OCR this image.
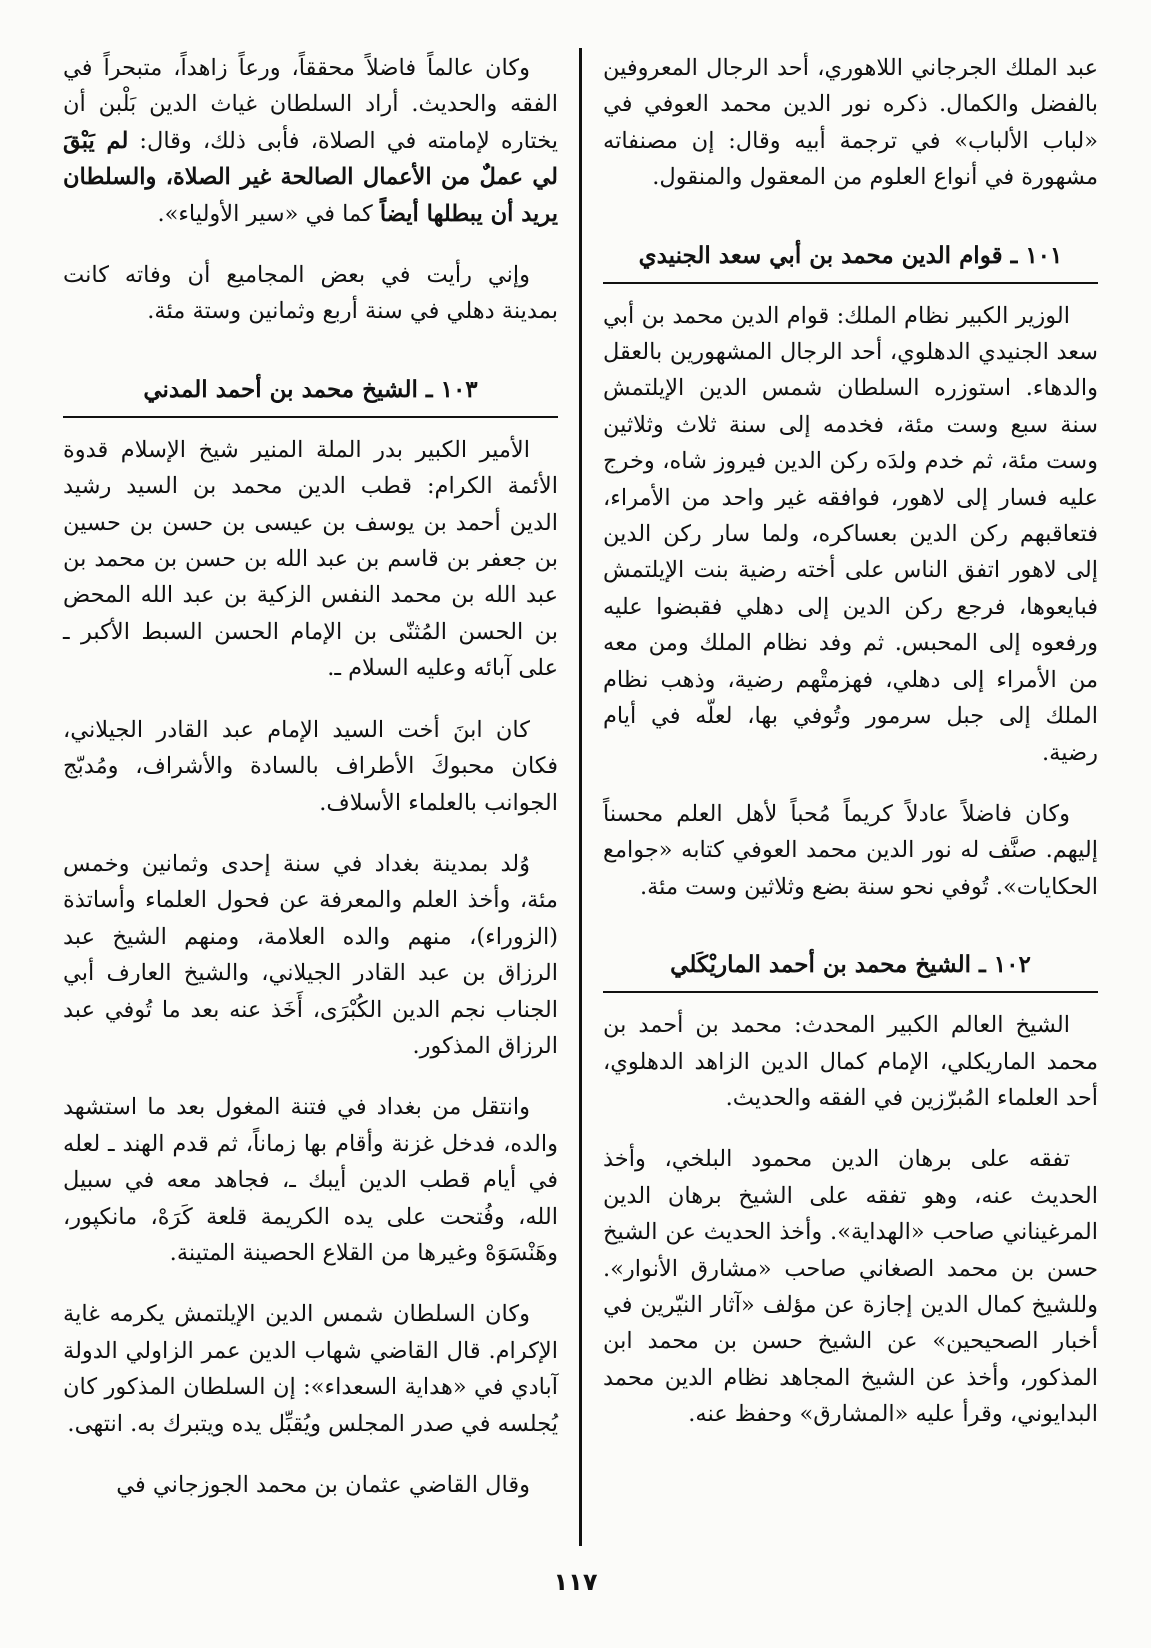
عبد الملك الجرجاني اللاهوري، أحد الرجال المعروفين بالفضل والكمال. ذكره نور الدين محمد العوفي في «لباب الألباب» في ترجمة أبيه وقال: إن مصنفاته مشهورة في أنواع العلوم من المعقول والمنقول.

١٠١ ـ قوام الدين محمد بن أبي سعد الجنيدي

الوزير الكبير نظام الملك: قوام الدين محمد بن أبي سعد الجنيدي الدهلوي، أحد الرجال المشهورين بالعقل والدهاء. استوزره السلطان شمس الدين الإيلتمش سنة سبع وست مئة، فخدمه إلى سنة ثلاث وثلاثين وست مئة، ثم خدم ولدَه ركن الدين فيروز شاه، وخرج عليه فسار إلى لاهور، فوافقه غير واحد من الأمراء، فتعاقبهم ركن الدين بعساكره، ولما سار ركن الدين إلى لاهور اتفق الناس على أخته رضية بنت الإيلتمش فبايعوها، فرجع ركن الدين إلى دهلي فقبضوا عليه ورفعوه إلى المحبس. ثم وفد نظام الملك ومن معه من الأمراء إلى دهلي، فهزمتْهم رضية، وذهب نظام الملك إلى جبل سرمور وتُوفي بها، لعلّه في أيام رضية.

وكان فاضلاً عادلاً كريماً مُحباً لأهل العلم محسناً إليهم. صنَّف له نور الدين محمد العوفي كتابه «جوامع الحكايات». تُوفي نحو سنة بضع وثلاثين وست مئة.

١٠٢ ـ الشيخ محمد بن أحمد الماريْكَلي

الشيخ العالم الكبير المحدث: محمد بن أحمد بن محمد الماريكلي، الإمام كمال الدين الزاهد الدهلوي، أحد العلماء المُبرّزين في الفقه والحديث.

تفقه على برهان الدين محمود البلخي، وأخذ الحديث عنه، وهو تفقه على الشيخ برهان الدين المرغيناني صاحب «الهداية». وأخذ الحديث عن الشيخ حسن بن محمد الصغاني صاحب «مشارق الأنوار». وللشيخ كمال الدين إجازة عن مؤلف «آثار النيّرين في أخبار الصحيحين» عن الشيخ حسن بن محمد ابن المذكور، وأخذ عن الشيخ المجاهد نظام الدين محمد البدايوني، وقرأ عليه «المشارق» وحفظ عنه.

وكان عالماً فاضلاً محققاً، ورعاً زاهداً، متبحراً في الفقه والحديث. أراد السلطان غياث الدين بَلْبن أن يختاره لإمامته في الصلاة، فأبى ذلك، وقال: لم يَبْقَ لي عملٌ من الأعمال الصالحة غير الصلاة، والسلطان يريد أن يبطلها أيضاً كما في «سير الأولياء».

وإني رأيت في بعض المجاميع أن وفاته كانت بمدينة دهلي في سنة أربع وثمانين وستة مئة.

١٠٣ ـ الشيخ محمد بن أحمد المدني

الأمير الكبير بدر الملة المنير شيخ الإسلام قدوة الأئمة الكرام: قطب الدين محمد بن السيد رشيد الدين أحمد بن يوسف بن عيسى بن حسن بن حسين بن جعفر بن قاسم بن عبد الله بن حسن بن محمد بن عبد الله بن محمد النفس الزكية بن عبد الله المحض بن الحسن المُثنّى بن الإمام الحسن السبط الأكبر ـ على آبائه وعليه السلام ـ.

كان ابنَ أخت السيد الإمام عبد القادر الجيلاني، فكان محبوكَ الأطراف بالسادة والأشراف، ومُدبّج الجوانب بالعلماء الأسلاف.

وُلد بمدينة بغداد في سنة إحدى وثمانين وخمس مئة، وأخذ العلم والمعرفة عن فحول العلماء وأساتذة (الزوراء)، منهم والده العلامة، ومنهم الشيخ عبد الرزاق بن عبد القادر الجيلاني، والشيخ العارف أبي الجناب نجم الدين الكُبْرَى، أَخَذ عنه بعد ما تُوفي عبد الرزاق المذكور.

وانتقل من بغداد في فتنة المغول بعد ما استشهد والده، فدخل غزنة وأقام بها زماناً، ثم قدم الهند ـ لعله في أيام قطب الدين أيبك ـ، فجاهد معه في سبيل الله، وفُتحت على يده الكريمة قلعة كَرَهْ، مانكپور، وهَنْسَوَهْ وغيرها من القلاع الحصينة المتينة.

وكان السلطان شمس الدين الإيلتمش يكرمه غاية الإكرام. قال القاضي شهاب الدين عمر الزاولي الدولة آبادي في «هداية السعداء»: إن السلطان المذكور كان يُجلسه في صدر المجلس ويُقبِّل يده ويتبرك به. انتهى.

وقال القاضي عثمان بن محمد الجوزجاني في

١١٧
